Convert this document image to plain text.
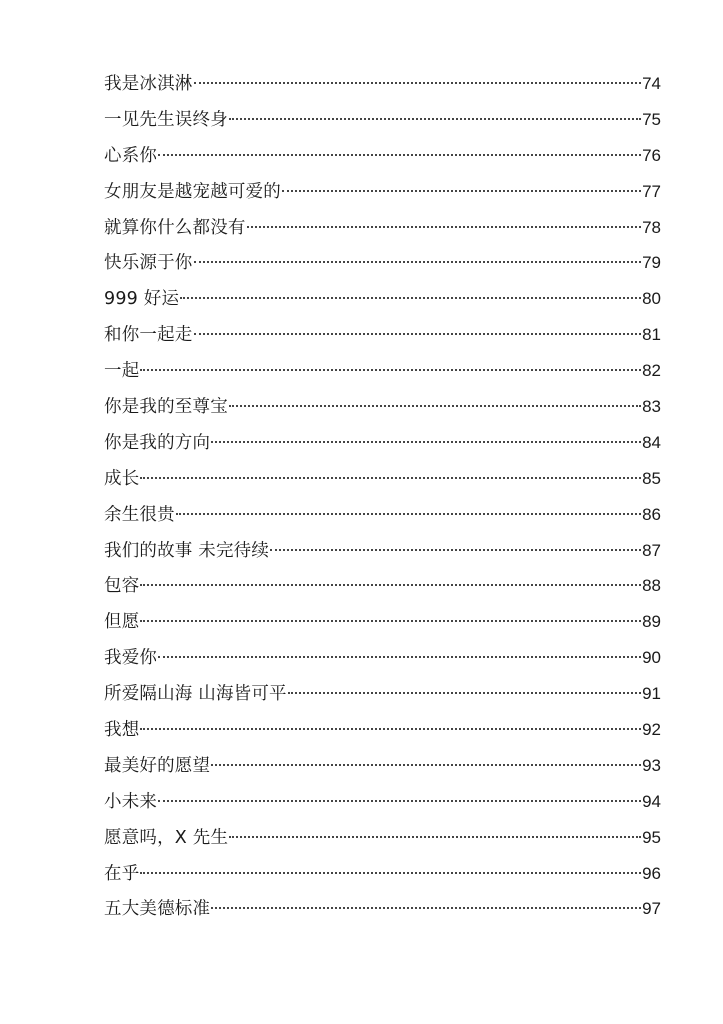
我是冰淇淋	74
一见先生误终身	75
心系你	76
女朋友是越宠越可爱的	77
就算你什么都没有	78
快乐源于你	79
999 好运	80
和你一起走	81
一起	82
你是我的至尊宝	83
你是我的方向	84
成长	85
余生很贵	86
我们的故事 未完待续	87
包容	88
但愿	89
我爱你	90
所爱隔山海 山海皆可平	91
我想	92
最美好的愿望	93
小未来	94
愿意吗，X 先生	95
在乎	96
五大美德标准	97
